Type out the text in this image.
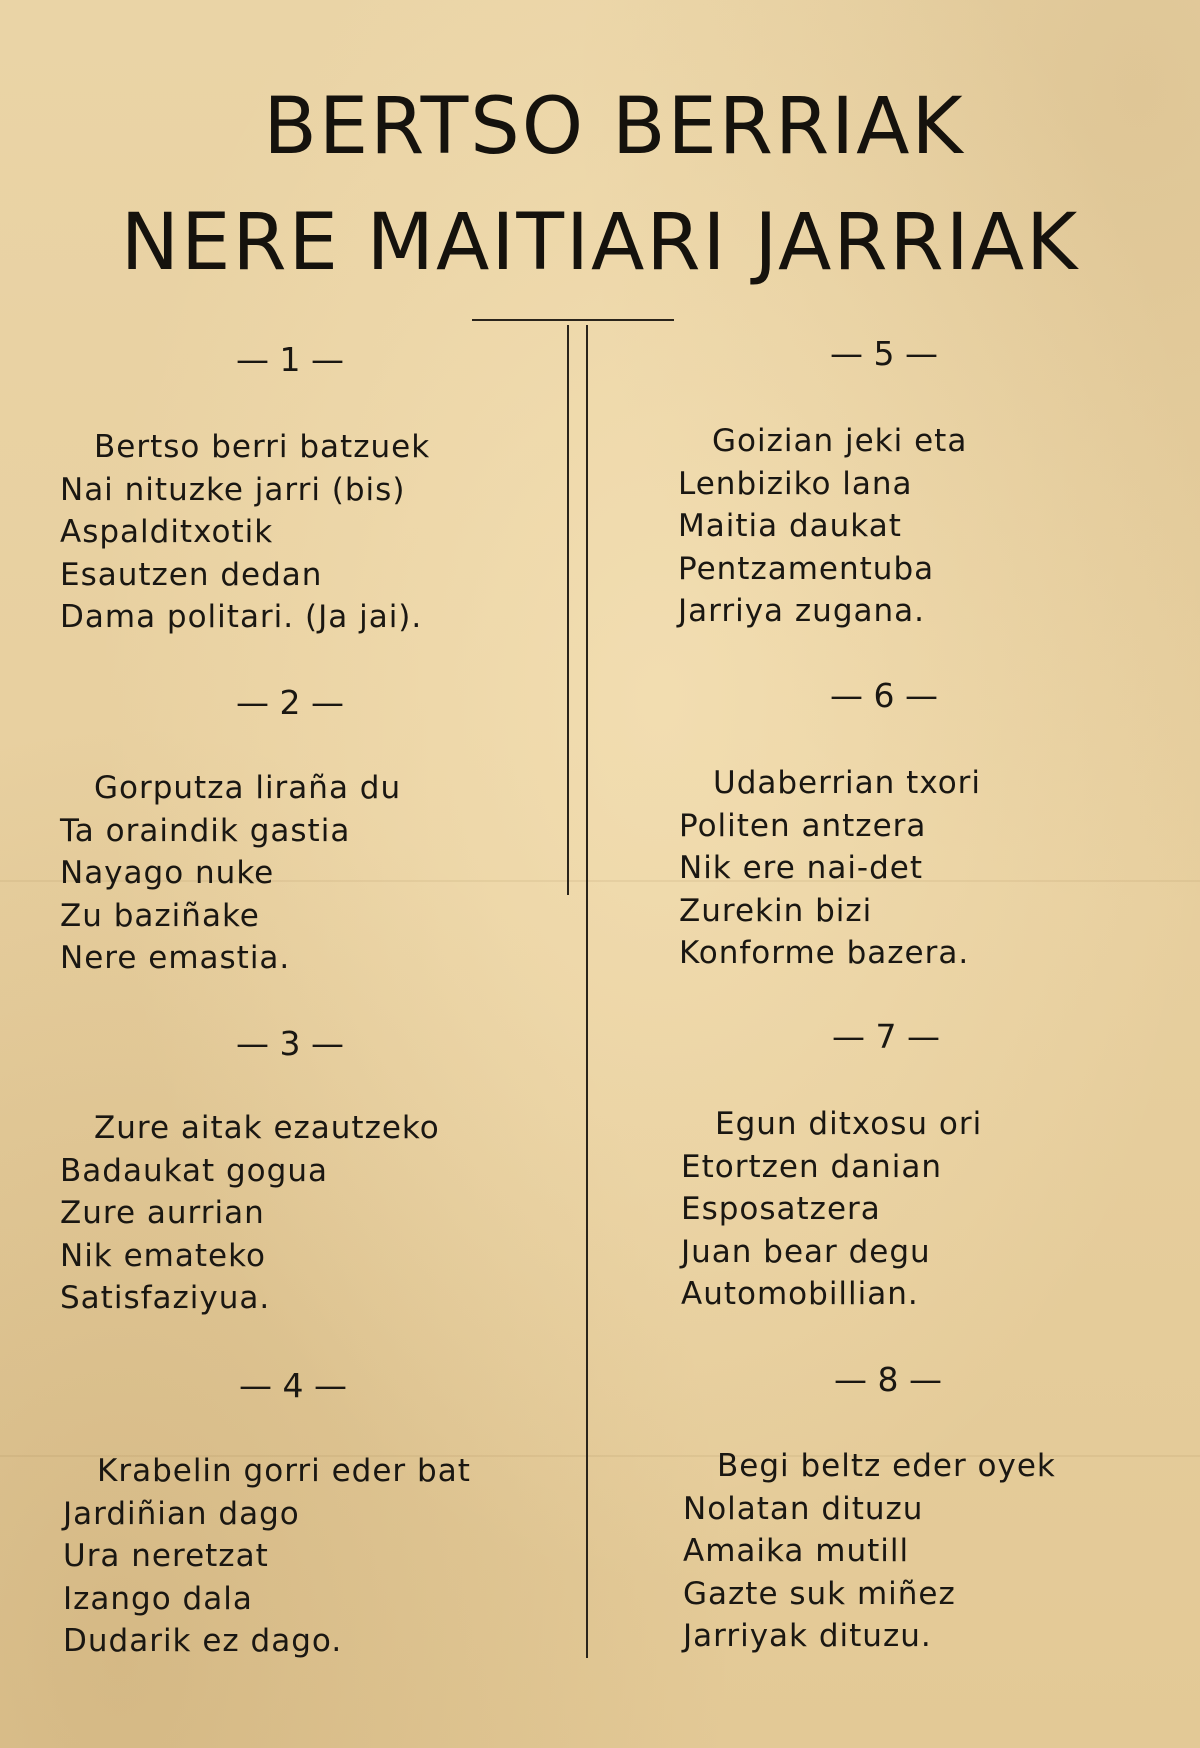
BERTSO BERRIAK
NERE MAITIARI JARRIAK
— 1 —
Bertso berri batzuek
Nai nituzke jarri (bis)
Aspalditxotik
Esautzen dedan
Dama politari. (Ja jai).
— 2 —
Gorputza lirañа du
Ta oraindik gastia
Nayago nuke
Zu baziñake
Nere emastia.
— 3 —
Zure aitak ezautzeko
Badaukat gogua
Zure aurrian
Nik emateko
Satisfaziyua.
— 4 —
Krabelin gorri eder bat
Jardiñian dago
Ura neretzat
Izango dala
Dudarik ez dago.
— 5 —
Goizian jeki eta
Lenbiziko lana
Maitia daukat
Pentzamentuba
Jarriya zugana.
— 6 —
Udaberrian txori
Politen antzera
Nik ere nai-det
Zurekin bizi
Konforme bazera.
— 7 —
Egun ditxosu ori
Etortzen danian
Esposatzera
Juan bear degu
Automobillian.
— 8 —
Begi beltz eder oyek
Nolatan dituzu
Amaika mutill
Gazte suk miñez
Jarriyak dituzu.
